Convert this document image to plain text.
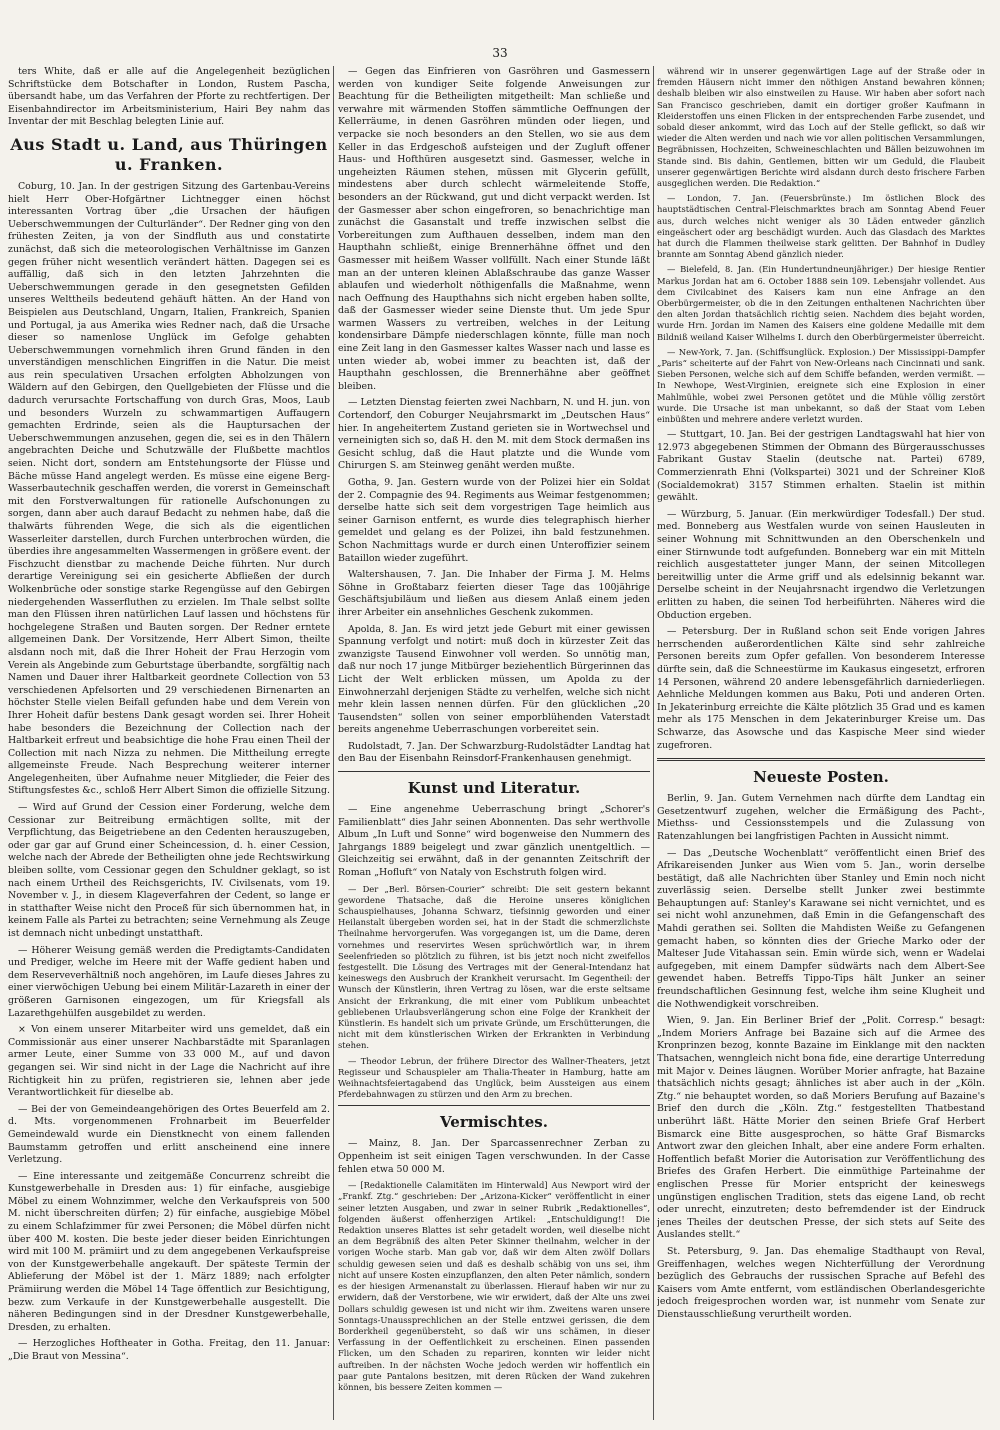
33

ters White, daß er alle auf die Angelegenheit bezüglichen Schriftstücke dem Botschafter in London, Rustem Pascha, übersandt habe, um das Verfahren der Pforte zu rechtfertigen. Der Eisenbahndirector im Arbeitsministerium, Hairi Bey nahm das Inventar der mit Beschlag belegten Linie auf.

Aus Stadt u. Land, aus Thüringen u. Franken.

Coburg, 10. Jan. In der gestrigen Sitzung des Gartenbau-Vereins hielt Herr Ober-Hofgärtner Lichtnegger einen höchst interessanten Vortrag über „die Ursachen der häufigen Ueberschwemmungen der Culturländer“. Der Redner ging von den frühesten Zeiten, ja von der Sindfluth aus und constatirte zunächst, daß sich die meteorologischen Verhältnisse im Ganzen gegen früher nicht wesentlich verändert hätten. Dagegen sei es auffällig, daß sich in den letzten Jahrzehnten die Ueberschwemmungen gerade in den gesegnetsten Gefilden unseres Welttheils bedeutend gehäuft hätten. An der Hand von Beispielen aus Deutschland, Ungarn, Italien, Frankreich, Spanien und Portugal, ja aus Amerika wies Redner nach, daß die Ursache dieser so namenlose Unglück im Gefolge gehabten Ueberschwemmungen vornehmlich ihren Grund fänden in den unverständigen menschlichen Eingriffen in die Natur. Die meist aus rein speculativen Ursachen erfolgten Abholzungen von Wäldern auf den Gebirgen, den Quellgebieten der Flüsse und die dadurch verursachte Fortschaffung von durch Gras, Moos, Laub und besonders Wurzeln zu schwammartigen Auffaugern gemachten Erdrinde, seien als die Hauptursachen der Ueberschwemmungen anzusehen, gegen die, sei es in den Thälern angebrachten Deiche und Schutzwälle der Flußbette machtlos seien. Nicht dort, sondern am Entstehungsorte der Flüsse und Bäche müsse Hand angelegt werden. Es müsse eine eigene Berg-Wasserbautechnik geschaffen werden, die vorerst in Gemeinschaft mit den Forstverwaltungen für rationelle Aufschonungen zu sorgen, dann aber auch darauf Bedacht zu nehmen habe, daß die thalwärts führenden Wege, die sich als die eigentlichen Wasserleiter darstellen, durch Furchen unterbrochen würden, die überdies ihre angesammelten Wassermengen in größere event. der Fischzucht dienstbar zu machende Deiche führten. Nur durch derartige Vereinigung sei ein gesicherte Abfließen der durch Wolkenbrüche oder sonstige starke Regengüsse auf den Gebirgen niedergehenden Wasserfluthen zu erzielen. Im Thale selbst sollte man den Flüssen ihren natürlichen Lauf lassen und höchstens für hochgelegene Straßen und Bauten sorgen. Der Redner erntete allgemeinen Dank. Der Vorsitzende, Herr Albert Simon, theilte alsdann noch mit, daß die Ihrer Hoheit der Frau Herzogin vom Verein als Angebinde zum Geburtstage überbandte, sorgfältig nach Namen und Dauer ihrer Haltbarkeit geordnete Collection von 53 verschiedenen Apfelsorten und 29 verschiedenen Birnenarten an höchster Stelle vielen Beifall gefunden habe und dem Verein von Ihrer Hoheit dafür bestens Dank gesagt worden sei. Ihrer Hoheit habe besonders die Bezeichnung der Collection nach der Haltbarkeit erfreut und beabsichtige die hohe Frau einen Theil der Collection mit nach Nizza zu nehmen. Die Mittheilung erregte allgemeinste Freude. Nach Besprechung weiterer interner Angelegenheiten, über Aufnahme neuer Mitglieder, die Feier des Stiftungsfestes &c., schloß Herr Albert Simon die offizielle Sitzung.

— Wird auf Grund der Cession einer Forderung, welche dem Cessionar zur Beitreibung ermächtigen sollte, mit der Verpflichtung, das Beigetriebene an den Cedenten herauszugeben, oder gar gar auf Grund einer Scheincession, d. h. einer Cession, welche nach der Abrede der Betheiligten ohne jede Rechtswirkung bleiben sollte, vom Cessionar gegen den Schuldner geklagt, so ist nach einem Urtheil des Reichsgerichts, IV. Civilsenats, vom 19. November v. J., in diesem Klageverfahren der Cedent, so lange er in statthafter Weise nicht den Proceß für sich übernommen hat, in keinem Falle als Partei zu betrachten; seine Vernehmung als Zeuge ist demnach nicht unbedingt unstatthaft.

— Höherer Weisung gemäß werden die Predigtamts-Candidaten und Prediger, welche im Heere mit der Waffe gedient haben und dem Reserveverhältniß noch angehören, im Laufe dieses Jahres zu einer vierwöchigen Uebung bei einem Militär-Lazareth in einer der größeren Garnisonen eingezogen, um für Kriegsfall als Lazarethgehülfen ausgebildet zu werden.

× Von einem unserer Mitarbeiter wird uns gemeldet, daß ein Commissionär aus einer unserer Nachbarstädte mit Sparanlagen armer Leute, einer Summe von 33 000 M., auf und davon gegangen sei. Wir sind nicht in der Lage die Nachricht auf ihre Richtigkeit hin zu prüfen, registrieren sie, lehnen aber jede Verantwortlichkeit für dieselbe ab.

— Bei der von Gemeindeangehörigen des Ortes Beuerfeld am 2. d. Mts. vorgenommenen Frohnarbeit im Beuerfelder Gemeindewald wurde ein Dienstknecht von einem fallenden Baumstamm getroffen und erlitt anscheinend eine innere Verletzung.

— Eine interessante und zeitgemäße Concurrenz schreibt die Kunstgewerbehalle in Dresden aus: 1) für einfache, ausgiebige Möbel zu einem Wohnzimmer, welche den Verkaufspreis von 500 M. nicht überschreiten dürfen; 2) für einfache, ausgiebige Möbel zu einem Schlafzimmer für zwei Personen; die Möbel dürfen nicht über 400 M. kosten. Die beste jeder dieser beiden Einrichtungen wird mit 100 M. prämiirt und zu dem angegebenen Verkaufspreise von der Kunstgewerbehalle angekauft. Der späteste Termin der Ablieferung der Möbel ist der 1. März 1889; nach erfolgter Prämiirung werden die Möbel 14 Tage öffentlich zur Besichtigung, bezw. zum Verkaufe in der Kunstgewerbehalle ausgestellt. Die näheren Bedingungen sind in der Dresdner Kunstgewerbehalle, Dresden, zu erhalten.

— Herzogliches Hoftheater in Gotha. Freitag, den 11. Januar: „Die Braut von Messina“.

— Gegen das Einfrieren von Gasröhren und Gasmessern werden von kundiger Seite folgende Anweisungen zur Beachtung für die Betheiligten mitgetheilt: Man schließe und verwahre mit wärmenden Stoffen sämmtliche Oeffnungen der Kellerräume, in denen Gasröhren münden oder liegen, und verpacke sie noch besonders an den Stellen, wo sie aus dem Keller in das Erdgeschoß aufsteigen und der Zugluft offener Haus- und Hofthüren ausgesetzt sind. Gasmesser, welche in ungeheizten Räumen stehen, müssen mit Glycerin gefüllt, mindestens aber durch schlecht wärmeleitende Stoffe, besonders an der Rückwand, gut und dicht verpackt werden. Ist der Gasmesser aber schon eingefroren, so benachrichtige man zunächst die Gasanstalt und treffe inzwischen selbst die Vorbereitungen zum Aufthauen desselben, indem man den Haupthahn schließt, einige Brennerhähne öffnet und den Gasmesser mit heißem Wasser vollfüllt. Nach einer Stunde läßt man an der unteren kleinen Ablaßschraube das ganze Wasser ablaufen und wiederholt nöthigenfalls die Maßnahme, wenn nach Oeffnung des Haupthahns sich nicht ergeben haben sollte, daß der Gasmesser wieder seine Dienste thut. Um jede Spur warmen Wassers zu vertreiben, welches in der Leitung kondensirbare Dämpfe niederschlagen könnte, fülle man noch eine Zeit lang in den Gasmesser kaltes Wasser nach und lasse es unten wieder ab, wobei immer zu beachten ist, daß der Haupthahn geschlossen, die Brennerhähne aber geöffnet bleiben.

— Letzten Dienstag feierten zwei Nachbarn, N. und H. jun. von Cortendorf, den Coburger Neujahrsmarkt im „Deutschen Haus“ hier. In angeheitertem Zustand gerieten sie in Wortwechsel und verneinigten sich so, daß H. den M. mit dem Stock dermaßen ins Gesicht schlug, daß die Haut platzte und die Wunde vom Chirurgen S. am Steinweg genäht werden mußte.

Gotha, 9. Jan. Gestern wurde von der Polizei hier ein Soldat der 2. Compagnie des 94. Regiments aus Weimar festgenommen; derselbe hatte sich seit dem vorgestrigen Tage heimlich aus seiner Garnison entfernt, es wurde dies telegraphisch hierher gemeldet und gelang es der Polizei, ihn bald festzunehmen. Schon Nachmittags wurde er durch einen Unteroffizier seinem Bataillon wieder zugeführt.

Waltershausen, 7. Jan. Die Inhaber der Firma J. M. Helms Söhne in Großtabarz feierten dieser Tage das 100jährige Geschäftsjubiläum und ließen aus diesem Anlaß einem jeden ihrer Arbeiter ein ansehnliches Geschenk zukommen.

Apolda, 8. Jan. Es wird jetzt jede Geburt mit einer gewissen Spannung verfolgt und notirt: muß doch in kürzester Zeit das zwanzigste Tausend Einwohner voll werden. So unnötig man, daß nur noch 17 junge Mitbürger beziehentlich Bürgerinnen das Licht der Welt erblicken müssen, um Apolda zu der Einwohnerzahl derjenigen Städte zu verhelfen, welche sich nicht mehr klein lassen nennen dürfen. Für den glücklichen „20 Tausendsten“ sollen von seiner emporblühenden Vaterstadt bereits angenehme Ueberraschungen vorbereitet sein.

Rudolstadt, 7. Jan. Der Schwarzburg-Rudolstädter Landtag hat den Bau der Eisenbahn Reinsdorf-Frankenhausen genehmigt.

Kunst und Literatur.

— Eine angenehme Ueberraschung bringt „Schorer's Familienblatt“ dies Jahr seinen Abonnenten. Das sehr werthvolle Album „In Luft und Sonne“ wird bogenweise den Nummern des Jahrgangs 1889 beigelegt und zwar gänzlich unentgeltlich. — Gleichzeitig sei erwähnt, daß in der genannten Zeitschrift der Roman „Hofluft“ von Nataly von Eschstruth folgen wird.

— Der „Berl. Börsen-Courier“ schreibt: Die seit gestern bekannt gewordene Thatsache, daß die Heroine unseres königlichen Schauspielhauses, Johanna Schwarz, tiefsinnig geworden und einer Heilanstalt übergeben worden sei, hat in der Stadt die schmerzlichste Theilnahme hervorgerufen. Was vorgegangen ist, um die Dame, deren vornehmes und reservirtes Wesen sprüchwörtlich war, in ihrem Seelenfrieden so plötzlich zu führen, ist bis jetzt noch nicht zweifellos festgestellt. Die Lösung des Vertrages mit der General-Intendanz hat keineswegs den Ausbruch der Krankheit verursacht. Im Gegentheil: der Wunsch der Künstlerin, ihren Vertrag zu lösen, war die erste seltsame Ansicht der Erkrankung, die mit einer vom Publikum unbeachtet gebliebenen Urlaubsverlängerung schon eine Folge der Krankheit der Künstlerin. Es handelt sich um private Gründe, um Erschütterungen, die nicht mit dem künstlerischen Wirken der Erkrankten in Verbindung stehen.

— Theodor Lebrun, der frühere Director des Wallner-Theaters, jetzt Regisseur und Schauspieler am Thalia-Theater in Hamburg, hatte am Weihnachtsfeiertagabend das Unglück, beim Aussteigen aus einem Pferdebahnwagen zu stürzen und den Arm zu brechen.

Vermischtes.

— Mainz, 8. Jan. Der Sparcassenrechner Zerban zu Oppenheim ist seit einigen Tagen verschwunden. In der Casse fehlen etwa 50 000 M.

— [Redaktionelle Calamitäten im Hinterwald] Aus Newport wird der „Frankf. Ztg.“ geschrieben: Der „Arizona-Kicker“ veröffentlicht in einer seiner letzten Ausgaben, und zwar in seiner Rubrik „Redaktionelles“, folgenden äußerst offenherzigen Artikel: „Entschuldigung!! Die Redaktion unseres Blattes ist sehr getadelt worden, weil dieselbe nicht an dem Begräbniß des alten Peter Skinner theilnahm, welcher in der vorigen Woche starb. Man gab vor, daß wir dem Alten zwölf Dollars schuldig gewesen seien und daß es deshalb schäbig von uns sei, ihm nicht auf unsere Kosten einzupflanzen, den alten Peter nämlich, sondern es der hiesigen Armenanstalt zu überlassen. Hierauf haben wir nur zu erwidern, daß der Verstorbene, wie wir erwidert, daß der Alte uns zwei Dollars schuldig gewesen ist und nicht wir ihm. Zweitens waren unsere Sonntags-Unaussprechlichen an der Stelle entzwei gerissen, die dem Borderkheil gegenübersteht, so daß wir uns schämen, in dieser Verfassung in der Oeffentlichkeit zu erscheinen. Einen passenden Flicken, um den Schaden zu repariren, konnten wir leider nicht auftreiben. In der nächsten Woche jedoch werden wir hoffentlich ein paar gute Pantalons besitzen, mit deren Rücken der Wand zukehren können, bis bessere Zeiten kommen —

während wir in unserer gegenwärtigen Lage auf der Straße oder in fremden Häusern nicht immer den nöthigen Anstand bewahren können; deshalb bleiben wir also einstweilen zu Hause. Wir haben aber sofort nach San Francisco geschrieben, damit ein dortiger großer Kaufmann in Kleiderstoffen uns einen Flicken in der entsprechenden Farbe zusendet, und sobald dieser ankommt, wird das Loch auf der Stelle geflickt, so daß wir wieder die Alten werden und nach wie vor allen politischen Versammlungen, Begräbnissen, Hochzeiten, Schweineschlachten und Bällen beizuwohnen im Stande sind. Bis dahin, Gentlemen, bitten wir um Geduld, die Flaubeit unserer gegenwärtigen Berichte wird alsdann durch desto frischere Farben ausgeglichen werden. Die Redaktion.“

— London, 7. Jan. (Feuersbrünste.) Im östlichen Block des hauptstädtischen Central-Fleischmarktes brach am Sonntag Abend Feuer aus, durch welches nicht weniger als 30 Läden entweder gänzlich eingeäschert oder arg beschädigt wurden. Auch das Glasdach des Marktes hat durch die Flammen theilweise stark gelitten. Der Bahnhof in Dudley brannte am Sonntag Abend gänzlich nieder.

— Bielefeld, 8. Jan. (Ein Hundertundneunjähriger.) Der hiesige Rentier Markus Jordan hat am 6. October 1888 sein 109. Lebensjahr vollendet. Aus dem Civilcabinet des Kaisers kam nun eine Anfrage an den Oberbürgermeister, ob die in den Zeitungen enthaltenen Nachrichten über den alten Jordan thatsächlich richtig seien. Nachdem dies bejaht worden, wurde Hrn. Jordan im Namen des Kaisers eine goldene Medaille mit dem Bildniß weiland Kaiser Wilhelms I. durch den Oberbürgermeister überreicht.

— New-York, 7. Jan. (Schiffsunglück. Explosion.) Der Mississippi-Dampfer „Paris“ scheiterte auf der Fahrt von New-Orleans nach Cincinnati und sank. Sieben Personen, welche sich auf dem Schiffe befanden, werden vermißt. — In Newhope, West-Virginien, ereignete sich eine Explosion in einer Mahlmühle, wobei zwei Personen getötet und die Mühle völlig zerstört wurde. Die Ursache ist man unbekannt, so daß der Staat vom Leben einbüßten und mehrere andere verletzt wurden.

— Stuttgart, 10. Jan. Bei der gestrigen Landtagswahl hat hier von 12.973 abgegebenen Stimmen der Obmann des Bürgerausschusses Fabrikant Gustav Staelin (deutsche nat. Partei) 6789, Commerzienrath Ehni (Volkspartei) 3021 und der Schreiner Kloß (Socialdemokrat) 3157 Stimmen erhalten. Staelin ist mithin gewählt.

— Würzburg, 5. Januar. (Ein merkwürdiger Todesfall.) Der stud. med. Bonneberg aus Westfalen wurde von seinen Hausleuten in seiner Wohnung mit Schnittwunden an den Oberschenkeln und einer Stirnwunde todt aufgefunden. Bonneberg war ein mit Mitteln reichlich ausgestatteter junger Mann, der seinen Mitcollegen bereitwillig unter die Arme griff und als edelsinnig bekannt war. Derselbe scheint in der Neujahrsnacht irgendwo die Verletzungen erlitten zu haben, die seinen Tod herbeiführten. Näheres wird die Obduction ergeben.

— Petersburg. Der in Rußland schon seit Ende vorigen Jahres herrschenden außerordentlichen Kälte sind sehr zahlreiche Personen bereits zum Opfer gefallen. Von besonderem Interesse dürfte sein, daß die Schneestürme im Kaukasus eingesetzt, erfroren 14 Personen, während 20 andere lebensgefährlich darniederliegen. Aehnliche Meldungen kommen aus Baku, Poti und anderen Orten. In Jekaterinburg erreichte die Kälte plötzlich 35 Grad und es kamen mehr als 175 Menschen in dem Jekaterinburger Kreise um. Das Schwarze, das Asowsche und das Kaspische Meer sind wieder zugefroren.

Neueste Posten.

Berlin, 9. Jan. Gutem Vernehmen nach dürfte dem Landtag ein Gesetzentwurf zugehen, welcher die Ermäßigung des Pacht-, Miethss- und Cessionsstempels und die Zulassung von Ratenzahlungen bei langfristigen Pachten in Aussicht nimmt.

— Das „Deutsche Wochenblatt“ veröffentlicht einen Brief des Afrikareisenden Junker aus Wien vom 5. Jan., worin derselbe bestätigt, daß alle Nachrichten über Stanley und Emin noch nicht zuverlässig seien. Derselbe stellt Junker zwei bestimmte Behauptungen auf: Stanley's Karawane sei nicht vernichtet, und es sei nicht wohl anzunehmen, daß Emin in die Gefangenschaft des Mahdi gerathen sei. Sollten die Mahdisten Weiße zu Gefangenen gemacht haben, so könnten dies der Grieche Marko oder der Malteser Jude Vitahassan sein. Emin würde sich, wenn er Wadelai aufgegeben, mit einem Dampfer südwärts nach dem Albert-See gewendet haben. Betreffs Tippo-Tips hält Junker an seiner freundschaftlichen Gesinnung fest, welche ihm seine Klugheit und die Nothwendigkeit vorschreiben.

Wien, 9. Jan. Ein Berliner Brief der „Polit. Corresp.“ besagt: „Indem Moriers Anfrage bei Bazaine sich auf die Armee des Kronprinzen bezog, konnte Bazaine im Einklange mit den nackten Thatsachen, wenngleich nicht bona fide, eine derartige Unterredung mit Major v. Deines läugnen. Worüber Morier anfragte, hat Bazaine thatsächlich nichts gesagt; ähnliches ist aber auch in der „Köln. Ztg.“ nie behauptet worden, so daß Moriers Berufung auf Bazaine's Brief den durch die „Köln. Ztg.“ festgestellten Thatbestand unberührt läßt. Hätte Morier den seinen Briefe Graf Herbert Bismarck eine Bitte ausgesprochen, so hätte Graf Bismarcks Antwort zwar den gleichen Inhalt, aber eine andere Form erhalten. Hoffentlich befaßt Morier die Autorisation zur Veröffentlichung des Briefes des Grafen Herbert. Die einmüthige Parteinahme der englischen Presse für Morier entspricht der keineswegs ungünstigen englischen Tradition, stets das eigene Land, ob recht oder unrecht, einzutreten; desto befremdender ist der Eindruck jenes Theiles der deutschen Presse, der sich stets auf Seite des Auslandes stellt.“

St. Petersburg, 9. Jan. Das ehemalige Stadthaupt von Reval, Greiffenhagen, welches wegen Nichterfüllung der Verordnung bezüglich des Gebrauchs der russischen Sprache auf Befehl des Kaisers vom Amte entfernt, vom estländischen Oberlandesgerichte jedoch freigesprochen worden war, ist nunmehr vom Senate zur Dienstausschließung verurtheilt worden.
